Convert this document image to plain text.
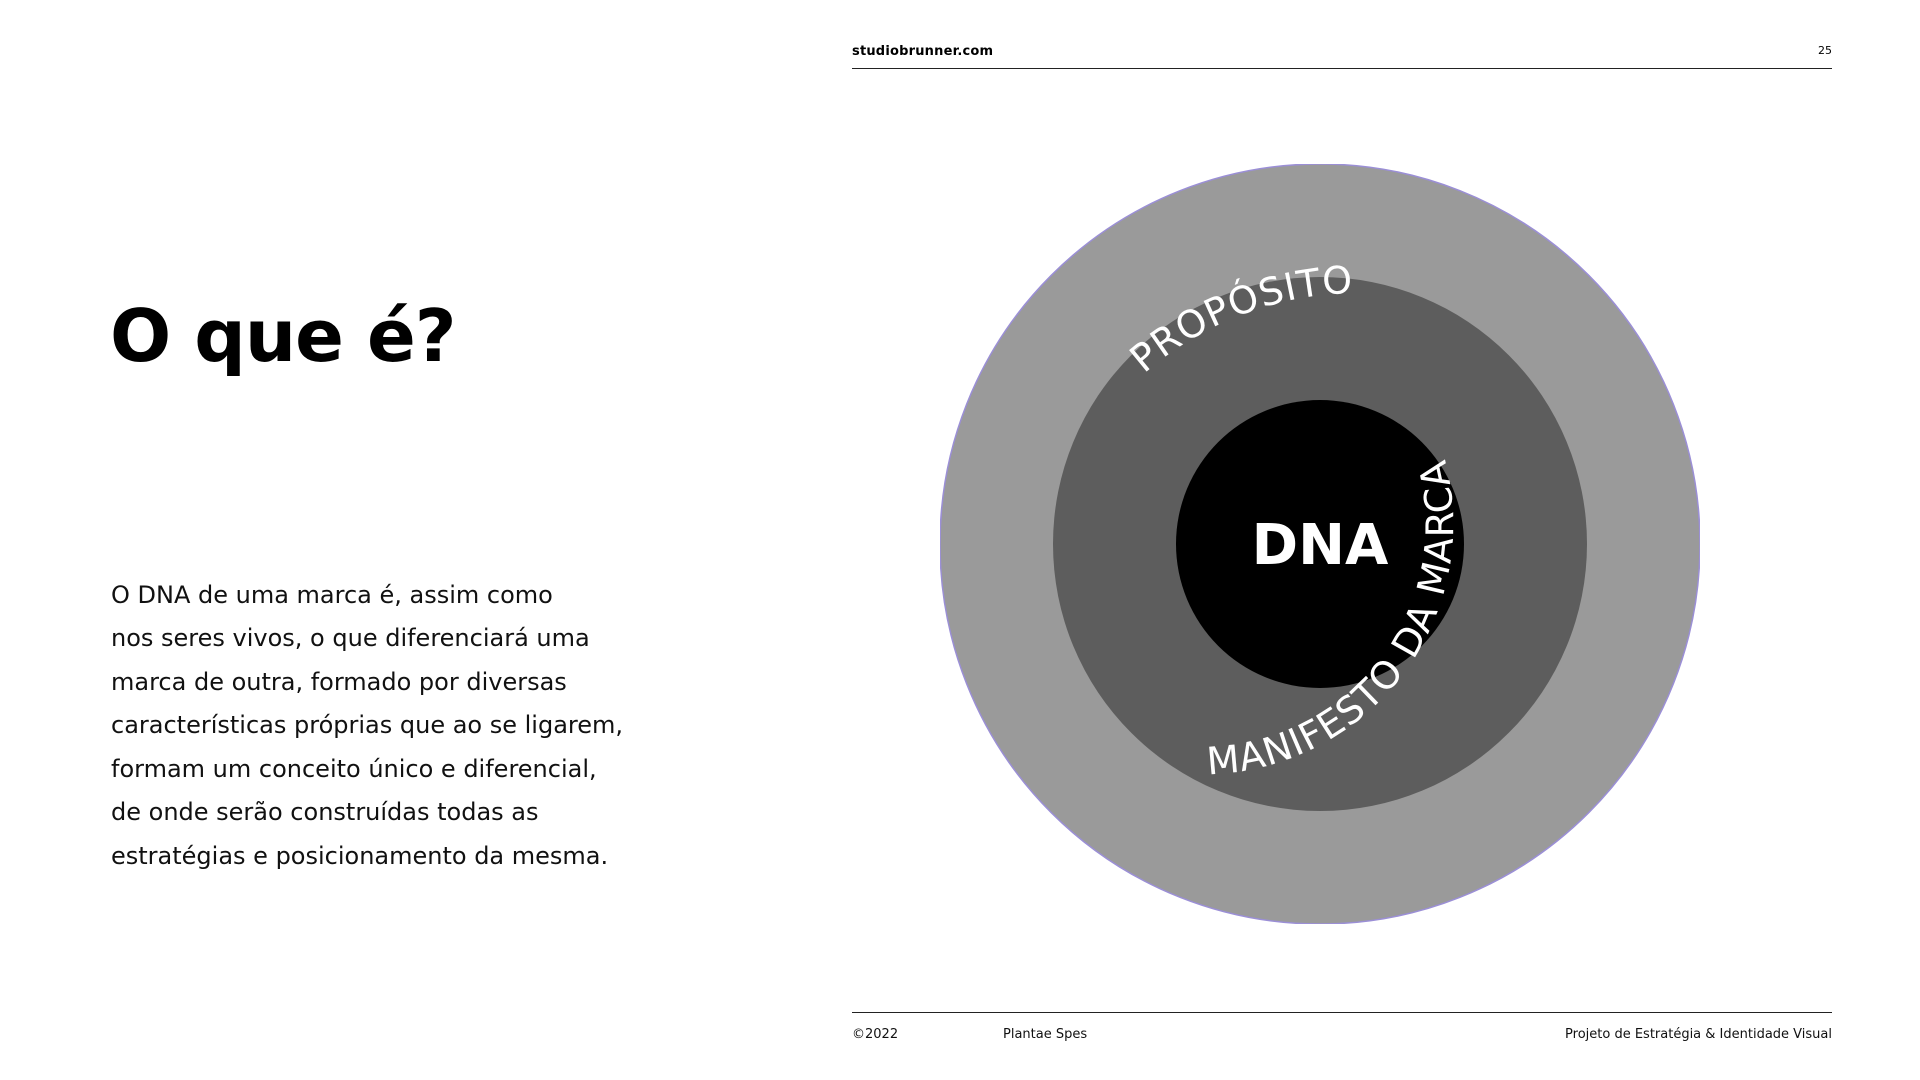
studiobrunner.com	25
O que é?

O DNA de uma marca é, assim como
nos seres vivos, o que diferenciará uma
marca de outra, formado por diversas
características próprias que ao se ligarem,
formam um conceito único e diferencial,
de onde serão construídas todas as
estratégias e posicionamento da mesma.

PROPÓSITO
MANIFESTO DA MARCA
DNA
©2022	Plantae Spes	Projeto de Estratégia & Identidade Visual
